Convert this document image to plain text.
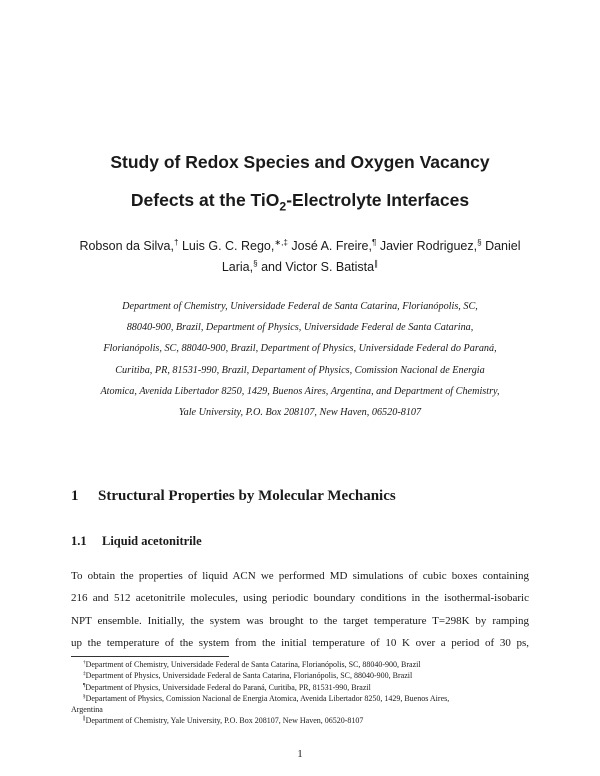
Study of Redox Species and Oxygen Vacancy
Defects at the TiO$_2$-Electrolyte Interfaces
Robson da Silva,† Luis G. C. Rego,∗,‡ José A. Freire,¶ Javier Rodriguez,§ Daniel
Laria,§ and Victor S. Batista∥
Department of Chemistry, Universidade Federal de Santa Catarina, Florianópolis, SC,
88040-900, Brazil, Department of Physics, Universidade Federal de Santa Catarina,
Florianópolis, SC, 88040-900, Brazil, Department of Physics, Universidade Federal do Paraná,
Curitiba, PR, 81531-990, Brazil, Departament of Physics, Comission Nacional de Energia
Atomica, Avenida Libertador 8250, 1429, Buenos Aires, Argentina, and Department of Chemistry,
Yale University, P.O. Box 208107, New Haven, 06520-8107
1 Structural Properties by Molecular Mechanics
1.1 Liquid acetonitrile
To obtain the properties of liquid ACN we performed MD simulations of cubic boxes containing
216 and 512 acetonitrile molecules, using periodic boundary conditions in the isothermal-isobaric
NPT ensemble. Initially, the system was brought to the target temperature T=298K by ramping
up the temperature of the system from the initial temperature of 10 K over a period of 30 ps,
†Department of Chemistry, Universidade Federal de Santa Catarina, Florianópolis, SC, 88040-900, Brazil
‡Department of Physics, Universidade Federal de Santa Catarina, Florianópolis, SC, 88040-900, Brazil
¶Department of Physics, Universidade Federal do Paraná, Curitiba, PR, 81531-990, Brazil
§Departament of Physics, Comission Nacional de Energia Atomica, Avenida Libertador 8250, 1429, Buenos Aires,
Argentina
∥Department of Chemistry, Yale University, P.O. Box 208107, New Haven, 06520-8107
1
